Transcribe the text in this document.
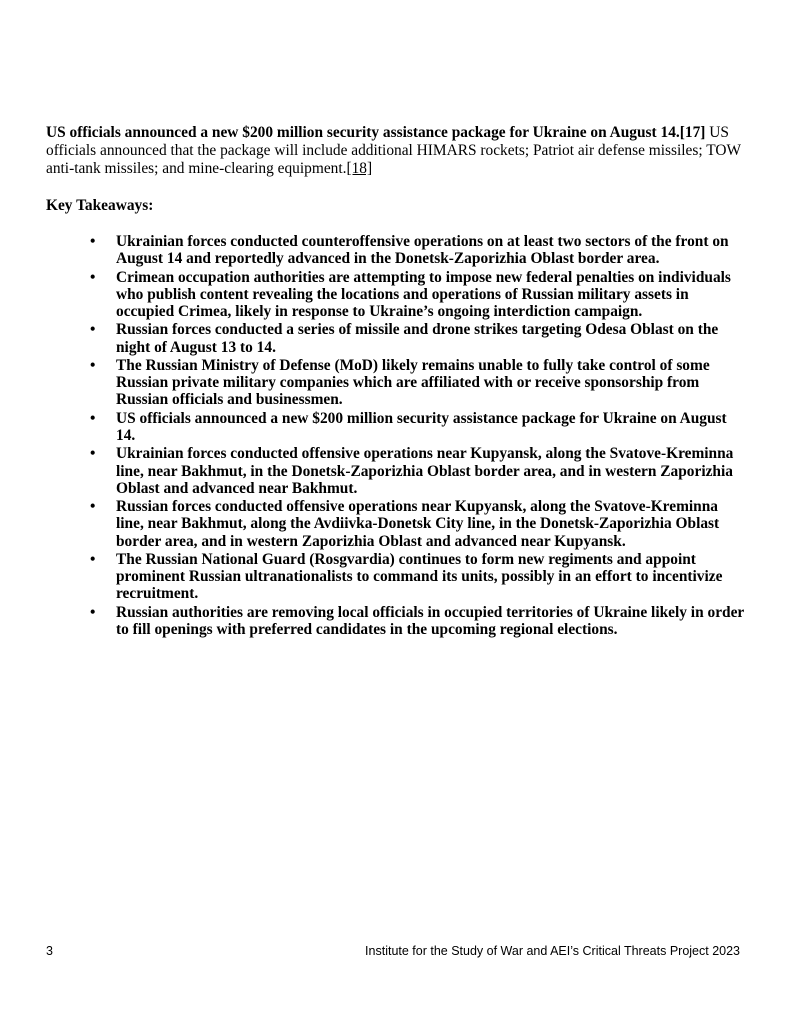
US officials announced a new $200 million security assistance package for Ukraine on August 14.[17] US officials announced that the package will include additional HIMARS rockets; Patriot air defense missiles; TOW anti-tank missiles; and mine-clearing equipment.[18]

Key Takeaways:
• Ukrainian forces conducted counteroffensive operations on at least two sectors of the front on August 14 and reportedly advanced in the Donetsk-Zaporizhia Oblast border area.
• Crimean occupation authorities are attempting to impose new federal penalties on individuals who publish content revealing the locations and operations of Russian military assets in occupied Crimea, likely in response to Ukraine’s ongoing interdiction campaign.
• Russian forces conducted a series of missile and drone strikes targeting Odesa Oblast on the night of August 13 to 14.
• The Russian Ministry of Defense (MoD) likely remains unable to fully take control of some Russian private military companies which are affiliated with or receive sponsorship from Russian officials and businessmen.
• US officials announced a new $200 million security assistance package for Ukraine on August 14.
• Ukrainian forces conducted offensive operations near Kupyansk, along the Svatove-Kreminna line, near Bakhmut, in the Donetsk-Zaporizhia Oblast border area, and in western Zaporizhia Oblast and advanced near Bakhmut.
• Russian forces conducted offensive operations near Kupyansk, along the Svatove-Kreminna line, near Bakhmut, along the Avdiivka-Donetsk City line, in the Donetsk-Zaporizhia Oblast border area, and in western Zaporizhia Oblast and advanced near Kupyansk.
• The Russian National Guard (Rosgvardia) continues to form new regiments and appoint prominent Russian ultranationalists to command its units, possibly in an effort to incentivize recruitment.
• Russian authorities are removing local officials in occupied territories of Ukraine likely in order to fill openings with preferred candidates in the upcoming regional elections.
3	Institute for the Study of War and AEI’s Critical Threats Project 2023
